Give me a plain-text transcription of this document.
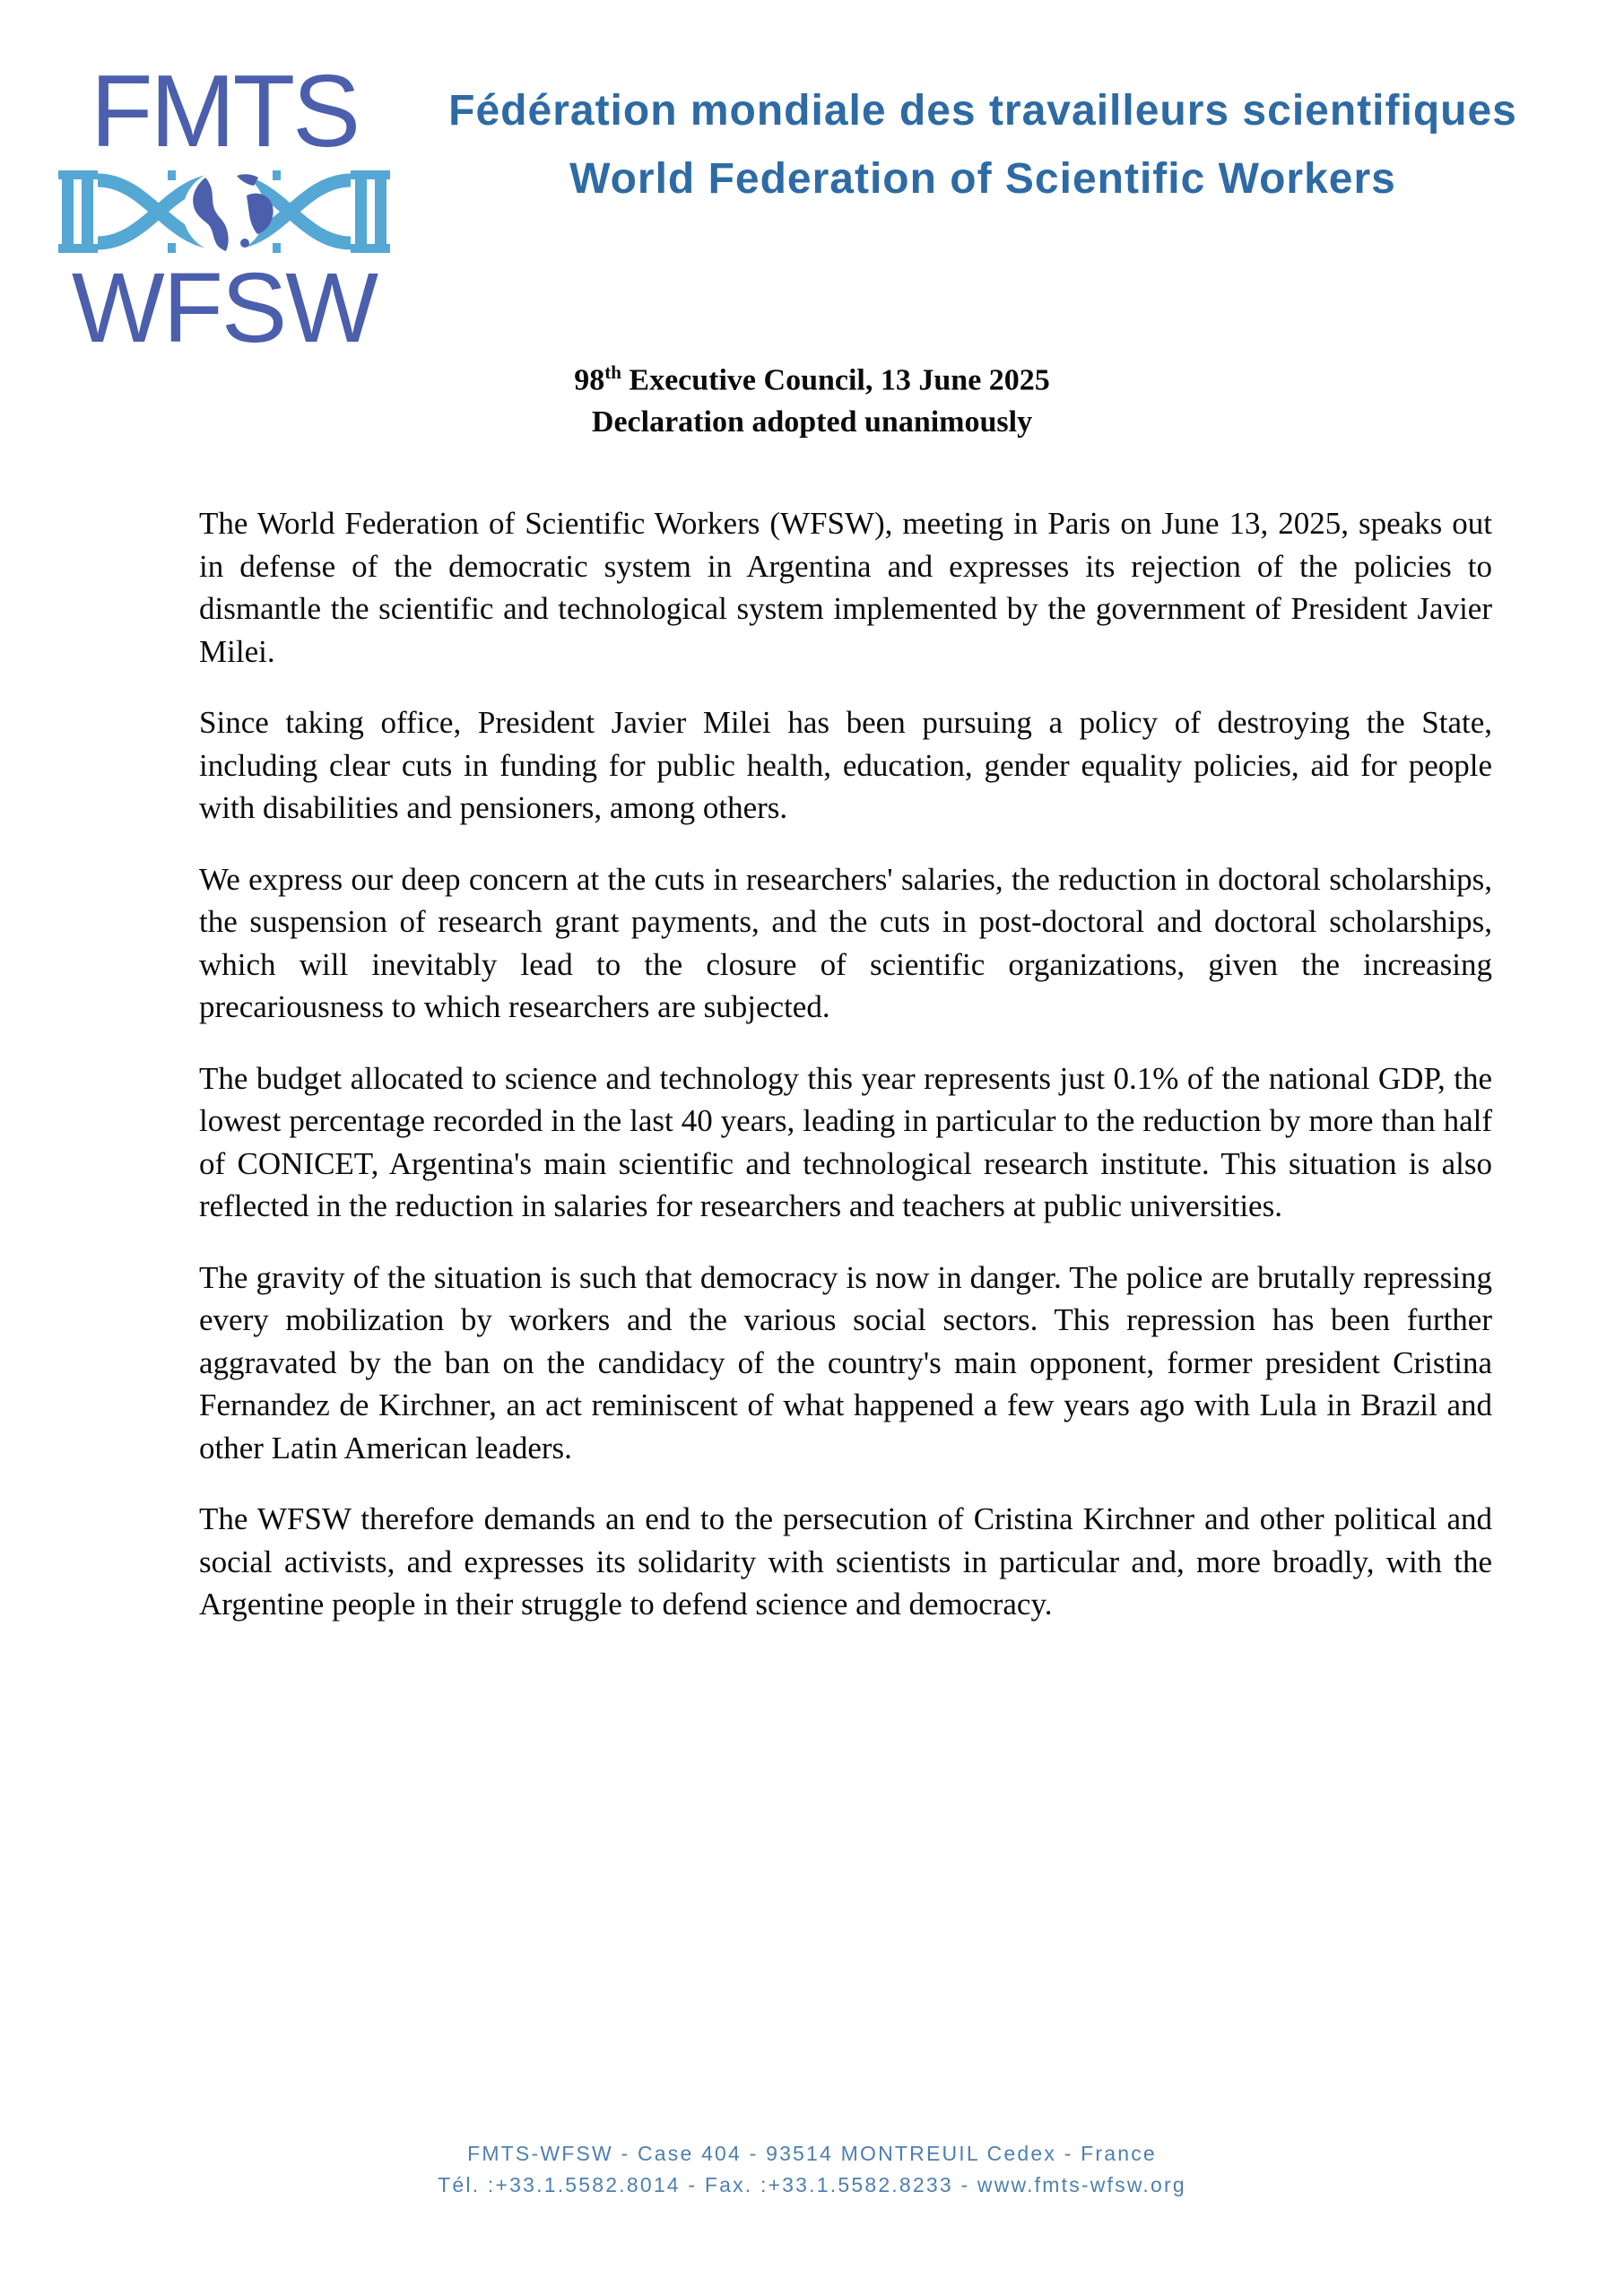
FMTS
WFSW
Fédération mondiale des travailleurs scientifiques
World Federation of Scientific Workers
98th Executive Council, 13 June 2025
Declaration adopted unanimously

The World Federation of Scientific Workers (WFSW), meeting in Paris on June 13, 2025, speaks out in defense of the democratic system in Argentina and expresses its rejection of the policies to dismantle the scientific and technological system implemented by the government of President Javier Milei.

Since taking office, President Javier Milei has been pursuing a policy of destroying the State, including clear cuts in funding for public health, education, gender equality policies, aid for people with disabilities and pensioners, among others.

We express our deep concern at the cuts in researchers' salaries, the reduction in doctoral scholarships, the suspension of research grant payments, and the cuts in post-doctoral and doctoral scholarships, which will inevitably lead to the closure of scientific organizations, given the increasing precariousness to which researchers are subjected.

The budget allocated to science and technology this year represents just 0.1% of the national GDP, the lowest percentage recorded in the last 40 years, leading in particular to the reduction by more than half of CONICET, Argentina's main scientific and technological research institute. This situation is also reflected in the reduction in salaries for researchers and teachers at public universities.

The gravity of the situation is such that democracy is now in danger. The police are brutally repressing every mobilization by workers and the various social sectors. This repression has been further aggravated by the ban on the candidacy of the country's main opponent, former president Cristina Fernandez de Kirchner, an act reminiscent of what happened a few years ago with Lula in Brazil and other Latin American leaders.

The WFSW therefore demands an end to the persecution of Cristina Kirchner and other political and social activists, and expresses its solidarity with scientists in particular and, more broadly, with the Argentine people in their struggle to defend science and democracy.

FMTS-WFSW - Case 404 - 93514 MONTREUIL Cedex - France
Tél. :+33.1.5582.8014 - Fax. :+33.1.5582.8233 - www.fmts-wfsw.org
